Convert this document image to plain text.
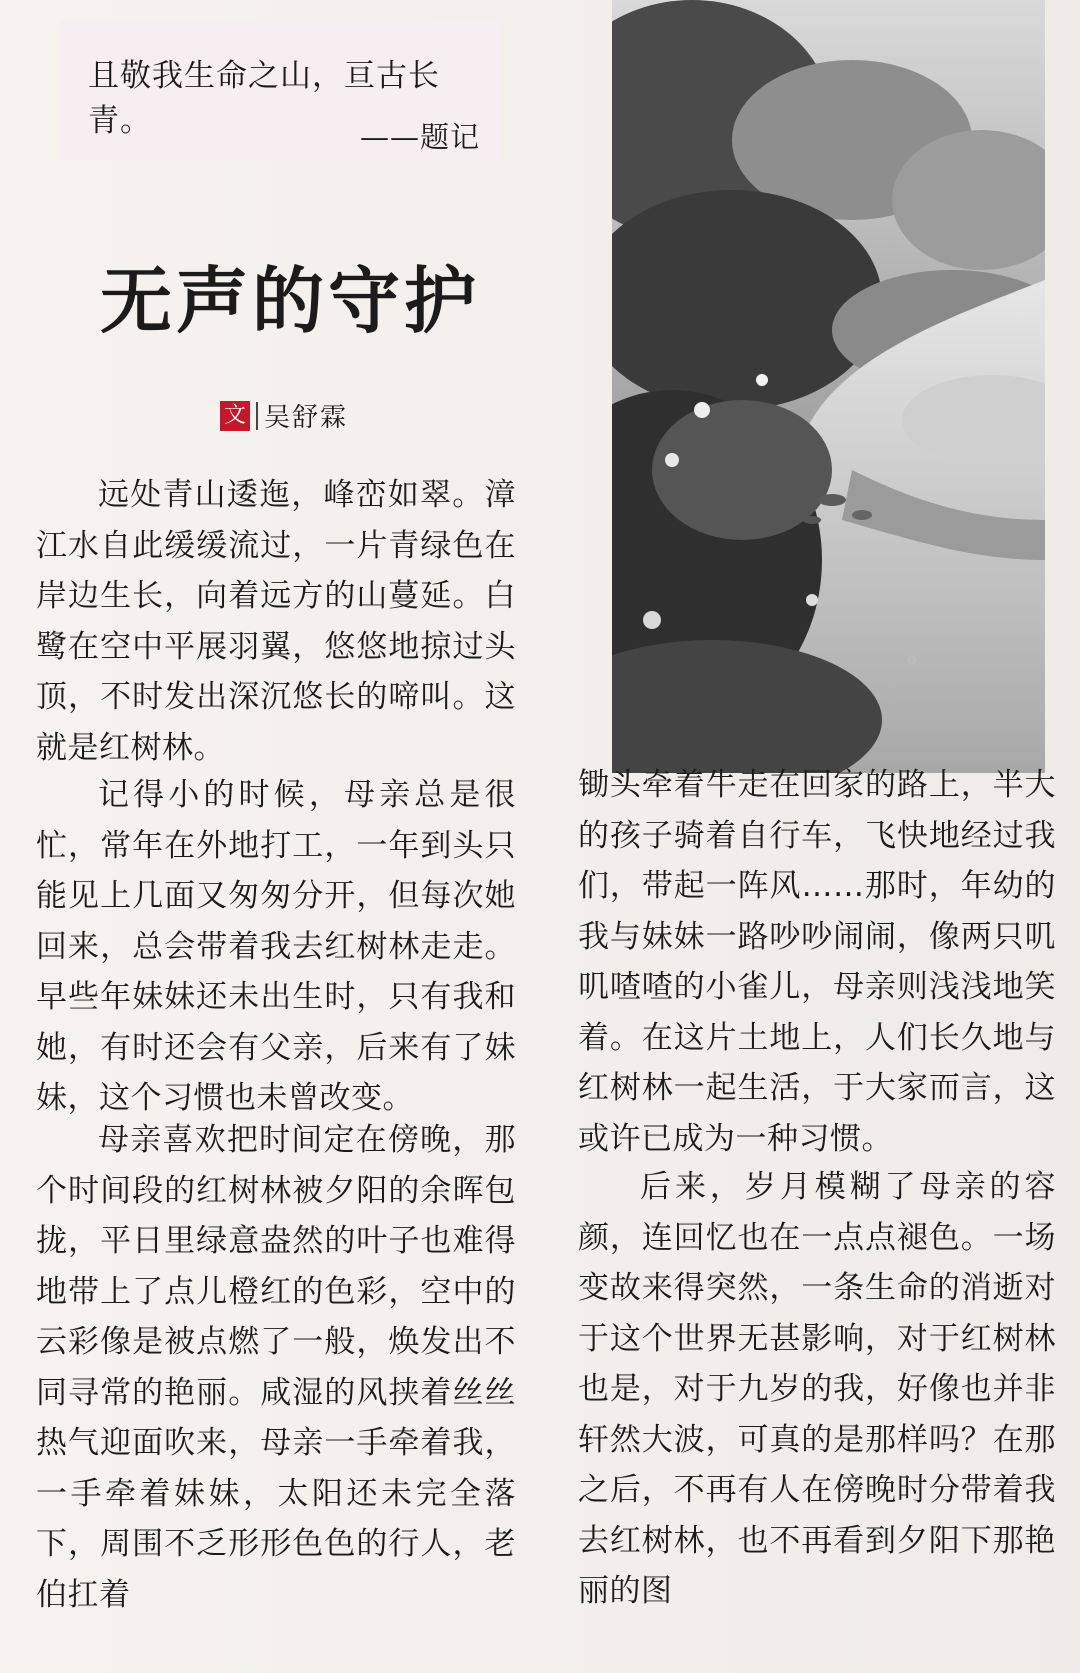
且敬我生命之山，亘古长青。	——题记
无声的守护
文 吴舒霖

远处青山逶迤，峰峦如翠。漳江水自此缓缓流过，一片青绿色在岸边生长，向着远方的山蔓延。白鹭在空中平展羽翼，悠悠地掠过头顶，不时发出深沉悠长的啼叫。这就是红树林。

记得小的时候，母亲总是很忙，常年在外地打工，一年到头只能见上几面又匆匆分开，但每次她回来，总会带着我去红树林走走。早些年妹妹还未出生时，只有我和她，有时还会有父亲，后来有了妹妹，这个习惯也未曾改变。

母亲喜欢把时间定在傍晚，那个时间段的红树林被夕阳的余晖包拢，平日里绿意盎然的叶子也难得地带上了点儿橙红的色彩，空中的云彩像是被点燃了一般，焕发出不同寻常的艳丽。咸湿的风挟着丝丝热气迎面吹来，母亲一手牵着我，一手牵着妹妹，太阳还未完全落下，周围不乏形形色色的行人，老伯扛着

锄头牵着牛走在回家的路上，半大的孩子骑着自行车，飞快地经过我们，带起一阵风……那时，年幼的我与妹妹一路吵吵闹闹，像两只叽叽喳喳的小雀儿，母亲则浅浅地笑着。在这片土地上，人们长久地与红树林一起生活，于大家而言，这或许已成为一种习惯。

后来，岁月模糊了母亲的容颜，连回忆也在一点点褪色。一场变故来得突然，一条生命的消逝对于这个世界无甚影响，对于红树林也是，对于九岁的我，好像也并非轩然大波，可真的是那样吗？在那之后，不再有人在傍晚时分带着我去红树林，也不再看到夕阳下那艳丽的图
